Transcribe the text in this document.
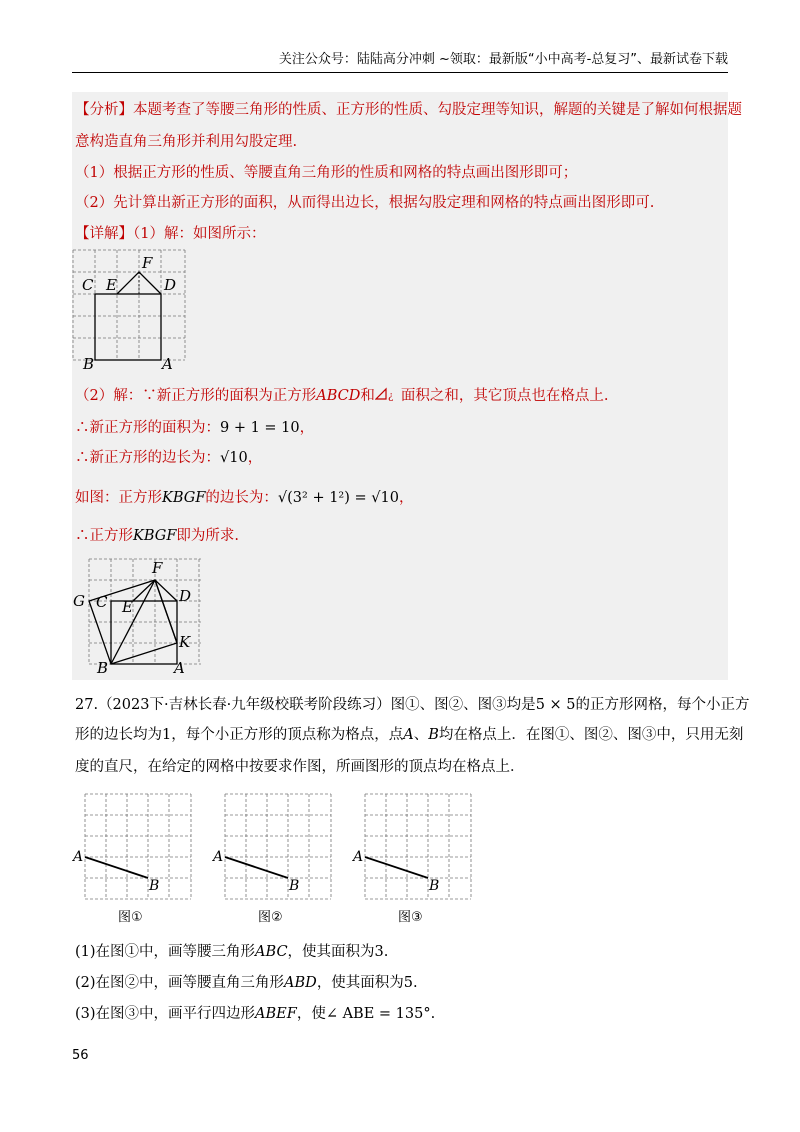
关注公众号：陆陆高分冲刺 ~领取：最新版“小中高考-总复习”、最新试卷下载
【分析】本题考查了等腰三角形的性质、正方形的性质、勾股定理等知识，解题的关键是了解如何根据题
意构造直角三角形并利用勾股定理.
（1）根据正方形的性质、等腰直角三角形的性质和网格的特点画出图形即可；
（2）先计算出新正方形的面积，从而得出边长，根据勾股定理和网格的特点画出图形即可.
【详解】（1）解：如图所示：
F
C E	D
B	A
（2）解：∵新正方形的面积为正方形ABCD和 ¿ 面积之和，其它顶点也在格点上.
∴新正方形的面积为：9 + 1 = 10，
∴新正方形的边长为：√10，
如图：正方形KBGF的边长为：√(3² + 1²) = √10，
∴正方形KBGF即为所求.
F
G C E
D
K
B	A
27.（2023下·吉林长春·九年级校联考阶段练习）图①、图②、图③均是5 × 5的正方形网格，每个小正方
形的边长均为1，每个小正方形的顶点称为格点，点A、B均在格点上．在图①、图②、图③中，只用无刻
度的直尺，在给定的网格中按要求作图，所画图形的顶点均在格点上．
A
B
图①
A
B
图②
A
B
图③
(1)在图①中，画等腰三角形ABC，使其面积为3.
(2)在图②中，画等腰直角三角形ABD，使其面积为5.
(3)在图③中，画平行四边形ABEF，使∠ ABE = 135°.
56
